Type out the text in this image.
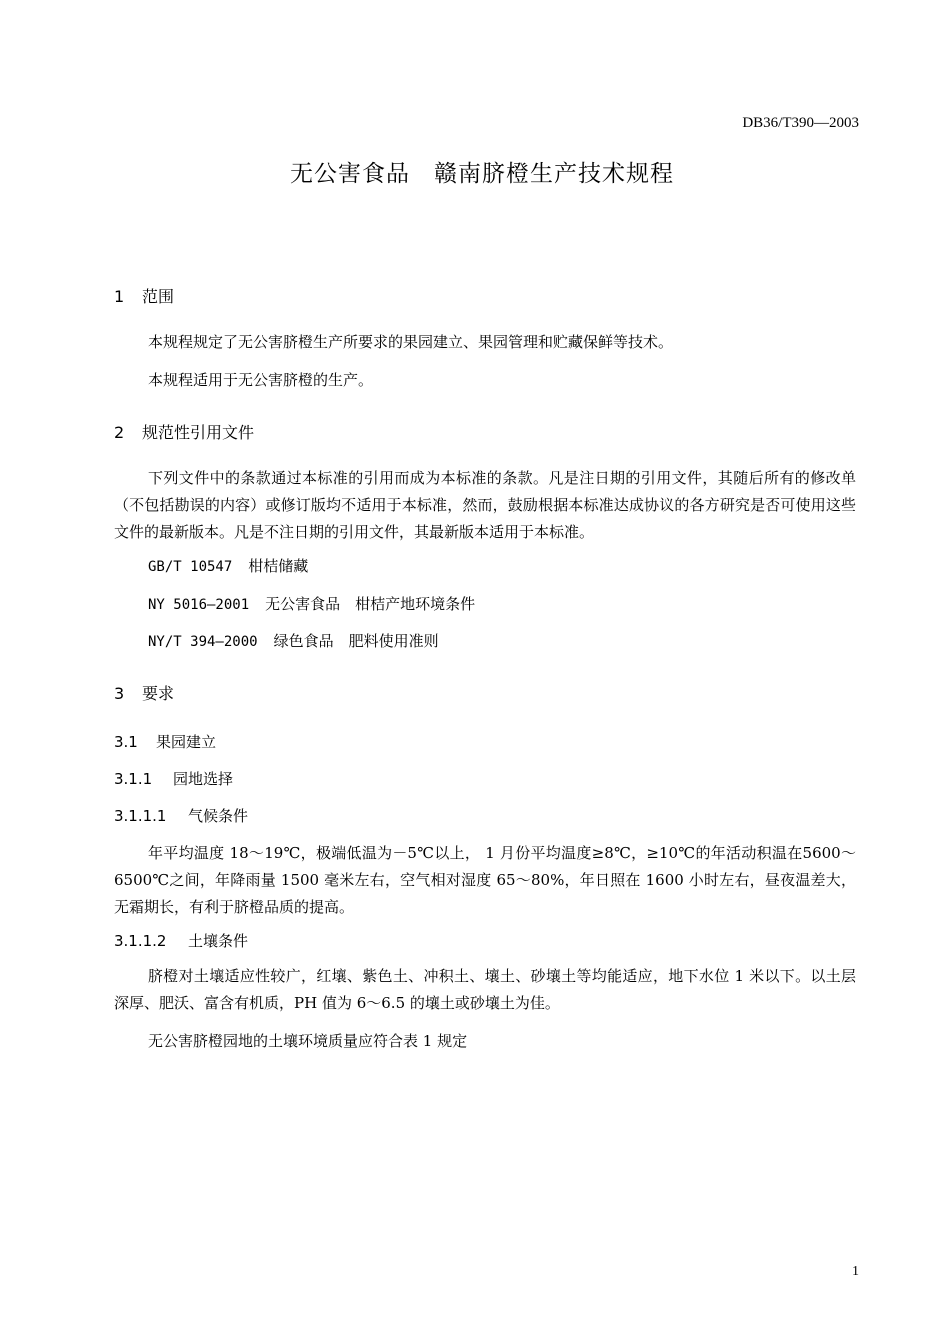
DB36/T390—2003
无公害食品　赣南脐橙生产技术规程
1 范围
本规程规定了无公害脐橙生产所要求的果园建立、果园管理和贮藏保鲜等技术。
本规程适用于无公害脐橙的生产。
2 规范性引用文件
下列文件中的条款通过本标准的引用而成为本标准的条款。凡是注日期的引用文件，其随后所有的修改单（不包括勘误的内容）或修订版均不适用于本标准，然而，鼓励根据本标准达成协议的各方研究是否可使用这些文件的最新版本。凡是不注日期的引用文件，其最新版本适用于本标准。
GB/T 10547 柑桔储藏
NY 5016—2001 无公害食品　柑桔产地环境条件
NY/T 394—2000 绿色食品　肥料使用准则
3 要求
3.1 果园建立
3.1.1 园地选择
3.1.1.1 气候条件
年平均温度 18～19℃，极端低温为－5℃以上， 1 月份平均温度≥8℃，≥10℃的年活动积温在5600～6500℃之间，年降雨量 1500 毫米左右，空气相对湿度 65～80%，年日照在 1600 小时左右，昼夜温差大，无霜期长，有利于脐橙品质的提高。
3.1.1.2 土壤条件
脐橙对土壤适应性较广，红壤、紫色土、冲积土、壤土、砂壤土等均能适应，地下水位 1 米以下。以土层深厚、肥沃、富含有机质，PH 值为 6～6.5 的壤土或砂壤土为佳。
无公害脐橙园地的土壤环境质量应符合表 1 规定
1
